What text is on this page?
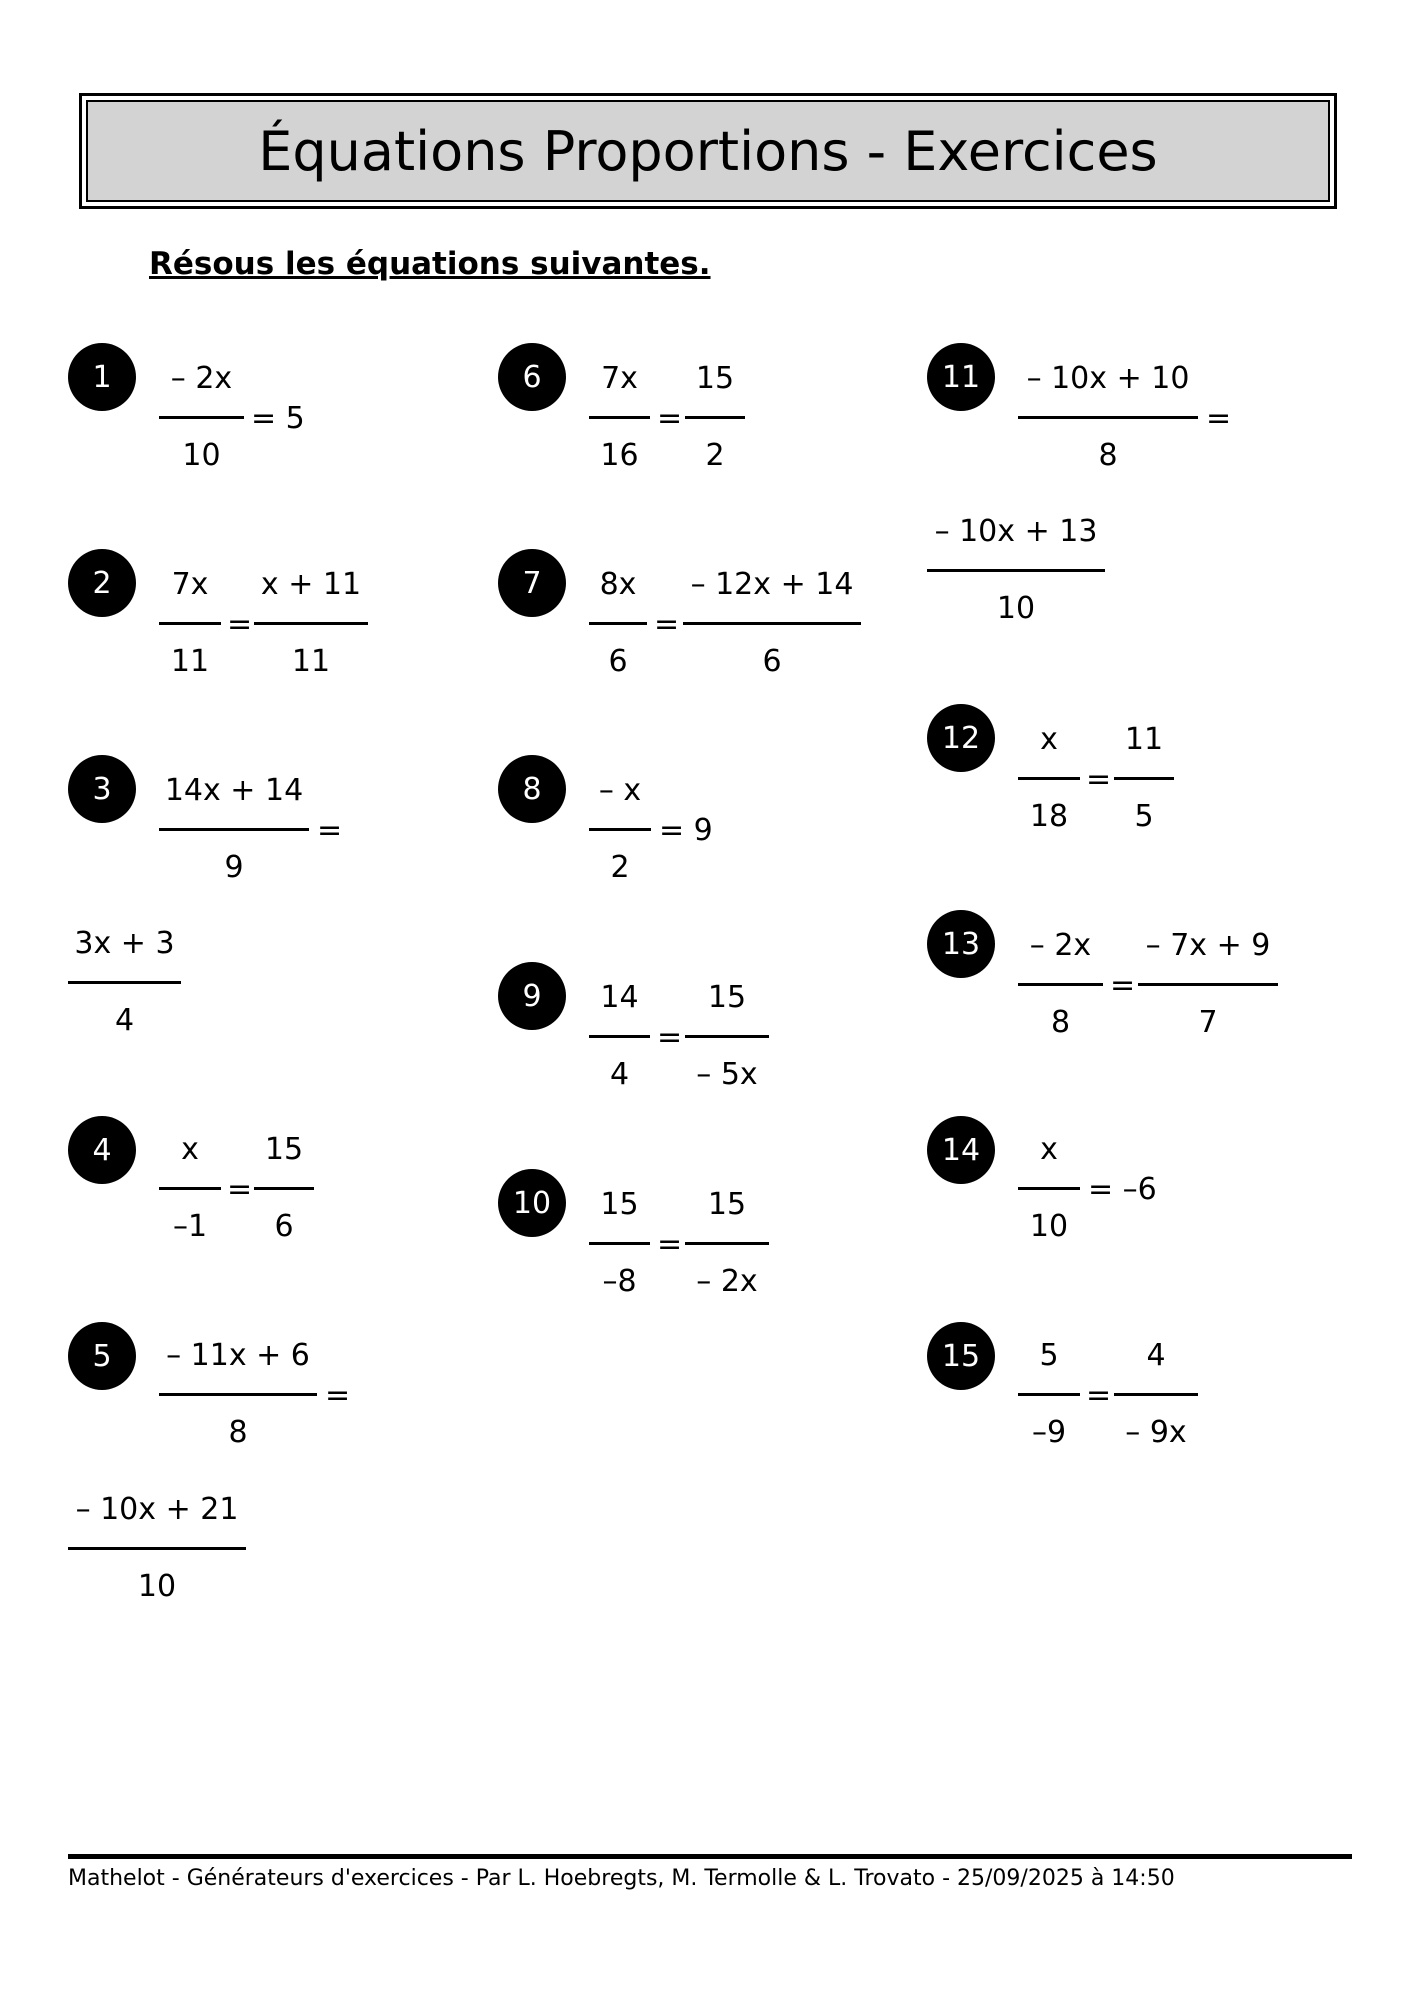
Équations Proportions - Exercices
Résous les équations suivantes.
1	– 2x
10
= 5
2	7x
11
=
x + 11
11
3	14x + 14
9
=
3x + 3
4
4	x
–1
=
15
6
5	– 11x + 6
8
=
– 10x + 21
10
6	7x
16
=
15
2
7	8x
6
=
– 12x + 14
6
8	– x
2
= 9
9	14
4
=
15
– 5x
10	15
–8
=
15
– 2x
11	– 10x + 10
8
=
– 10x + 13
10
12	x
18
=
11
5
13	– 2x
8
=
– 7x + 9
7
14	x
10
= –6
15	5
–9
=
4
– 9x
Mathelot - Générateurs d'exercices - Par L. Hoebregts, M. Termolle & L. Trovato - 25/09/2025 à 14:50
